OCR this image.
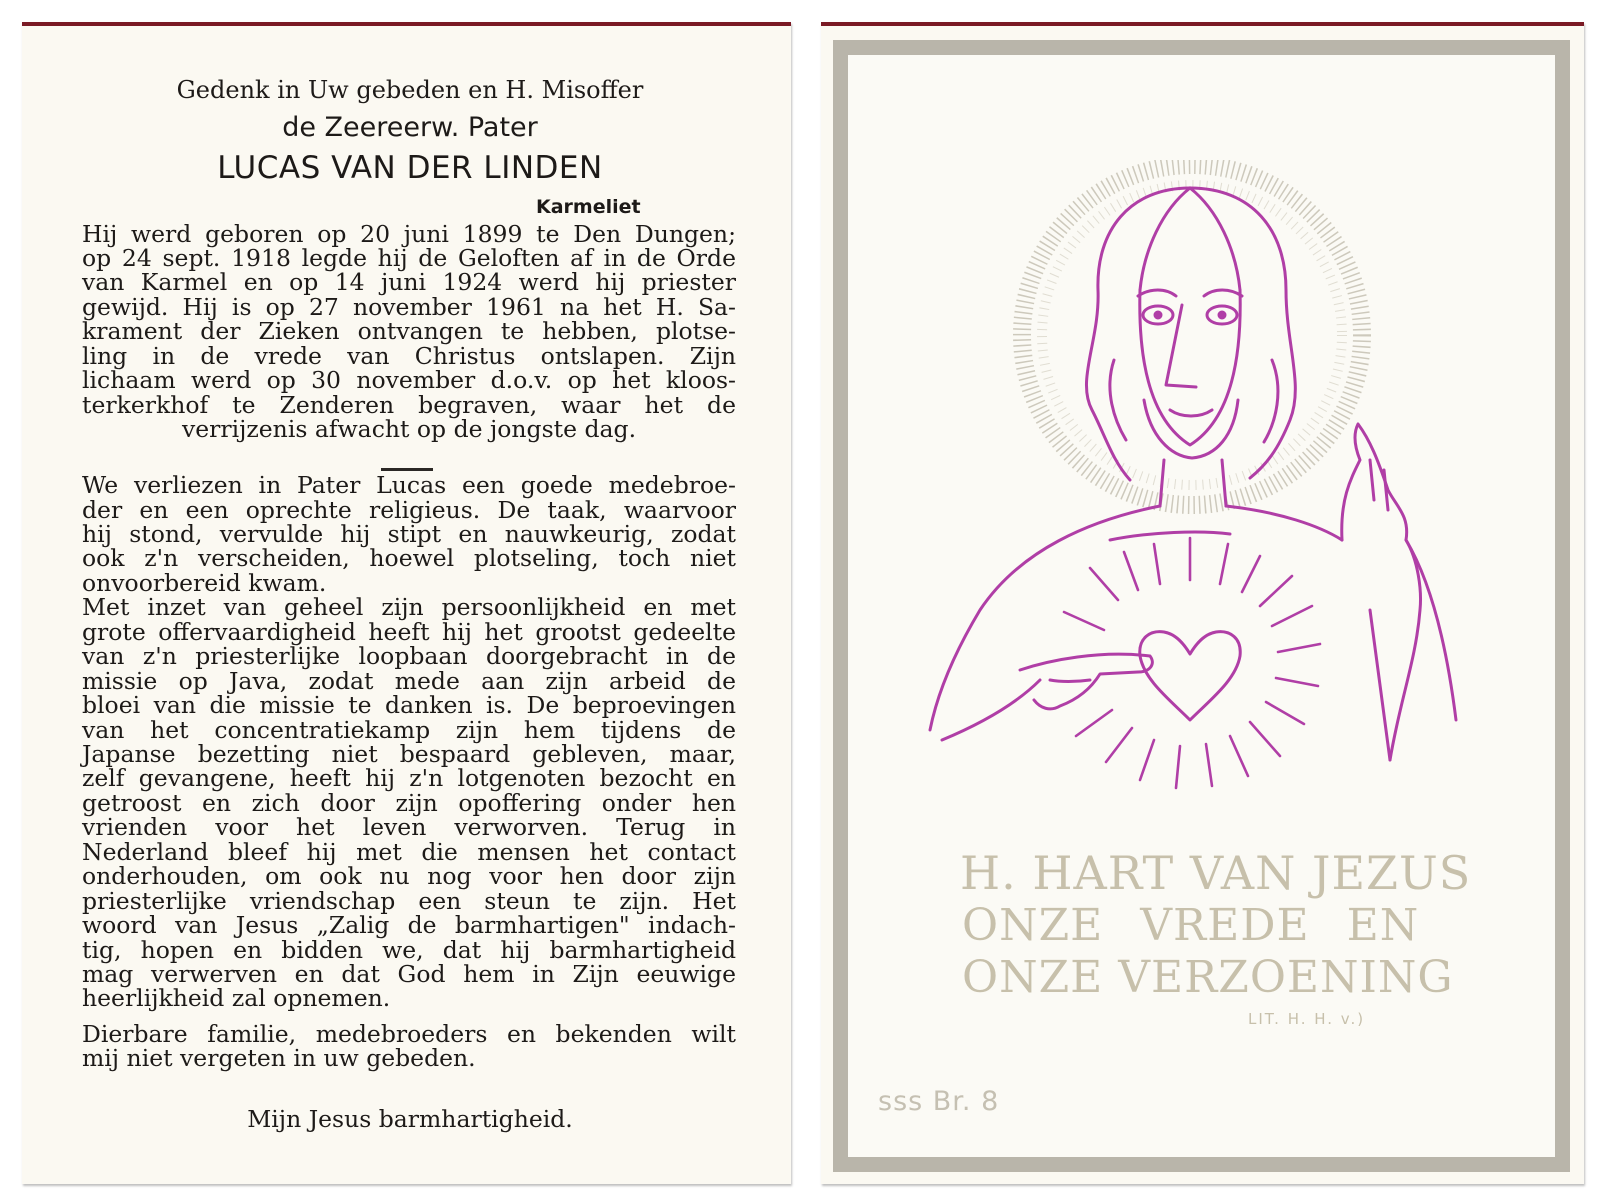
Gedenk in Uw gebeden en H. Misoffer
de Zeereerw. Pater
LUCAS VAN DER LINDEN
Karmeliet

Hij werd geboren op 20 juni 1899 te Den Dungen;

op 24 sept. 1918 legde hij de Geloften af in de Orde

van Karmel en op 14 juni 1924 werd hij priester

gewijd. Hij is op 27 november 1961 na het H. Sa-

krament der Zieken ontvangen te hebben, plotse-

ling in de vrede van Christus ontslapen. Zijn

lichaam werd op 30 november d.o.v. op het kloos-

terkerkhof te Zenderen begraven, waar het de

verrijzenis afwacht op de jongste dag.

We verliezen in Pater Lucas een goede medebroe-

der en een oprechte religieus. De taak, waarvoor

hij stond, vervulde hij stipt en nauwkeurig, zodat

ook z'n verscheiden, hoewel plotseling, toch niet

onvoorbereid kwam.

Met inzet van geheel zijn persoonlijkheid en met

grote offervaardigheid heeft hij het grootst gedeelte

van z'n priesterlijke loopbaan doorgebracht in de

missie op Java, zodat mede aan zijn arbeid de

bloei van die missie te danken is. De beproevingen

van het concentratiekamp zijn hem tijdens de

Japanse bezetting niet bespaard gebleven, maar,

zelf gevangene, heeft hij z'n lotgenoten bezocht en

getroost en zich door zijn opoffering onder hen

vrienden voor het leven verworven. Terug in

Nederland bleef hij met die mensen het contact

onderhouden, om ook nu nog voor hen door zijn

priesterlijke vriendschap een steun te zijn. Het

woord van Jesus „Zalig de barmhartigen" indach-

tig, hopen en bidden we, dat hij barmhartigheid

mag verwerven en dat God hem in Zijn eeuwige

heerlijkheid zal opnemen.

Dierbare familie, medebroeders en bekenden wilt

mij niet vergeten in uw gebeden.

Mijn Jesus barmhartigheid.
H. HART VAN JEZUS
ONZE VREDE EN
ONZE VERZOENING
LIT. H. H. v.)
sss Br. 8
